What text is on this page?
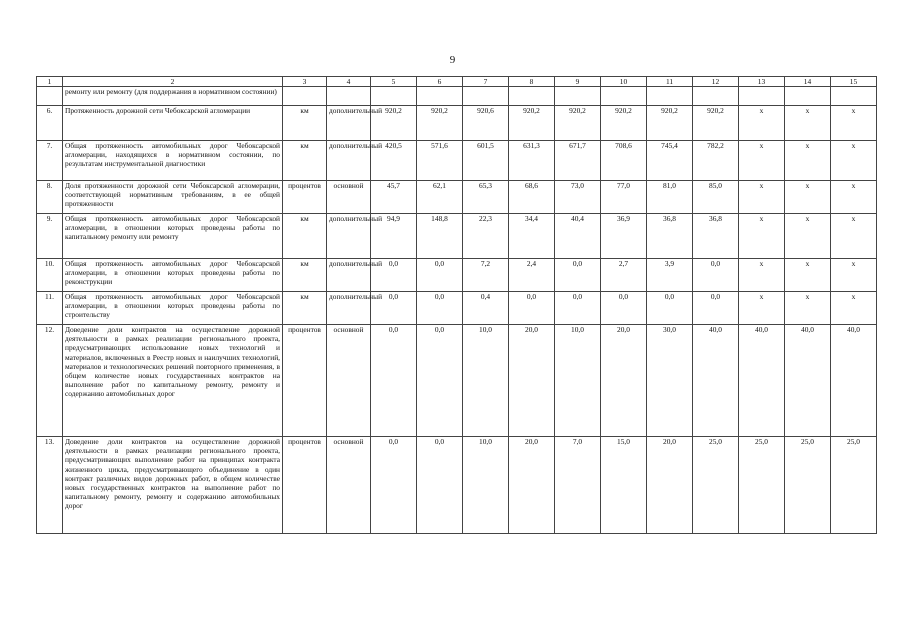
9
1	2	3	4	5	6	7	8	9	10	11	12	13	14	15
	ремонту или ремонту (для поддержания в нормативном состоянии)													
6.	Протяженность дорожной сети Чебоксарской агломерации	км	дополнительный	920,2	920,2	920,6	920,2	920,2	920,2	920,2	920,2	х	х	х
7.	Общая протяженность автомобильных дорог Чебоксарской агломерации, находящихся в нормативном состоянии, по результатам инструментальной диагностики	км	дополнительный	420,5	571,6	601,5	631,3	671,7	708,6	745,4	782,2	х	х	х
8.	Доля протяженности дорожной сети Чебоксарской агломерации, соответствующей нормативным требованиям, в ее общей протяженности	процентов	основной	45,7	62,1	65,3	68,6	73,0	77,0	81,0	85,0	х	х	х
9.	Общая протяженность автомобильных дорог Чебоксарской агломерации, в отношении которых проведены работы по капитальному ремонту или ремонту	км	дополнительный	94,9	148,8	22,3	34,4	40,4	36,9	36,8	36,8	х	х	х
10.	Общая протяженность автомобильных дорог Чебоксарской агломерации, в отношении которых проведены работы по реконструкции	км	дополнительный	0,0	0,0	7,2	2,4	0,0	2,7	3,9	0,0	х	х	х
11.	Общая протяженность автомобильных дорог Чебоксарской агломерации, в отношении которых проведены работы по строительству	км	дополнительный	0,0	0,0	0,4	0,0	0,0	0,0	0,0	0,0	х	х	х
12.	Доведение доли контрактов на осуществление дорожной деятельности в рамках реализации регионального проекта, предусматривающих использование новых технологий и материалов, включенных в Реестр новых и наилучших технологий, материалов и технологических решений повторного применения, в общем количестве новых государственных контрактов на выполнение работ по капитальному ремонту, ремонту и содержанию автомобильных дорог	процентов	основной	0,0	0,0	10,0	20,0	10,0	20,0	30,0	40,0	40,0	40,0	40,0
13.	Доведение доли контрактов на осуществление дорожной деятельности в рамках реализации регионального проекта, предусматривающих выполнение работ на принципах контракта жизненного цикла, предусматривающего объединение в один контракт различных видов дорожных работ, в общем количестве новых государственных контрактов на выполнение работ по капитальному ремонту, ремонту и содержанию автомобильных дорог	процентов	основной	0,0	0,0	10,0	20,0	7,0	15,0	20,0	25,0	25,0	25,0	25,0
